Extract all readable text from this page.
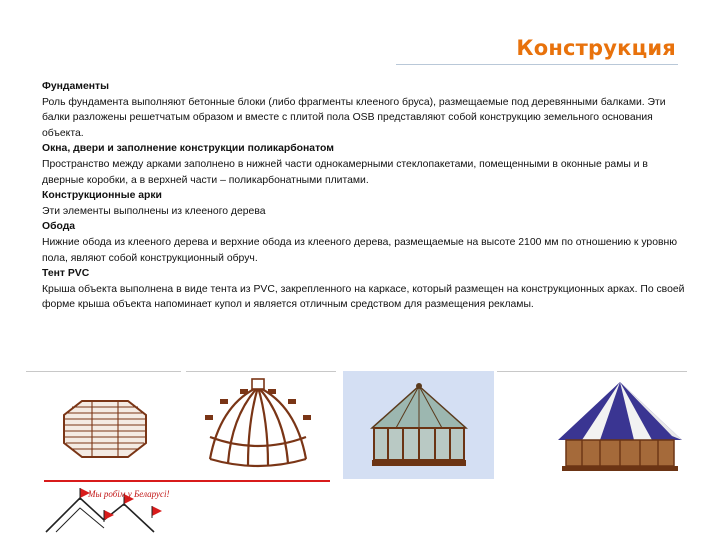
Конструкция

Фундаменты

Роль фундамента выполняют бетонные блоки (либо фрагменты клееного бруса), размещаемые под деревянными балками. Эти балки разложены решетчатым образом и вместе с плитой пола OSB представляют собой конструкцию земельного основания объекта.

Окна, двери и заполнение конструкции поликарбонатом

Пространство между арками заполнено в нижней части однокамерными стеклопакетами, помещенными в оконные рамы и в дверные коробки, а в верхней части – поликарбонатными плитами.

Конструкционные арки

Эти элементы выполнены из клееного дерева

Обода

Нижние обода из клееного дерева и верхние обода из клееного дерева, размещаемые на высоте 2100 мм по отношению к уровню пола, являют собой конструкционный обруч.

Тент PVC

Крыша объекта выполнена в виде тента из PVC, закрепленного на каркасе, который размещен на конструкционных арках. По своей форме крыша объекта напоминает купол и является отличным средством для размещения рекламы.

Мы робім у Беларусі!
